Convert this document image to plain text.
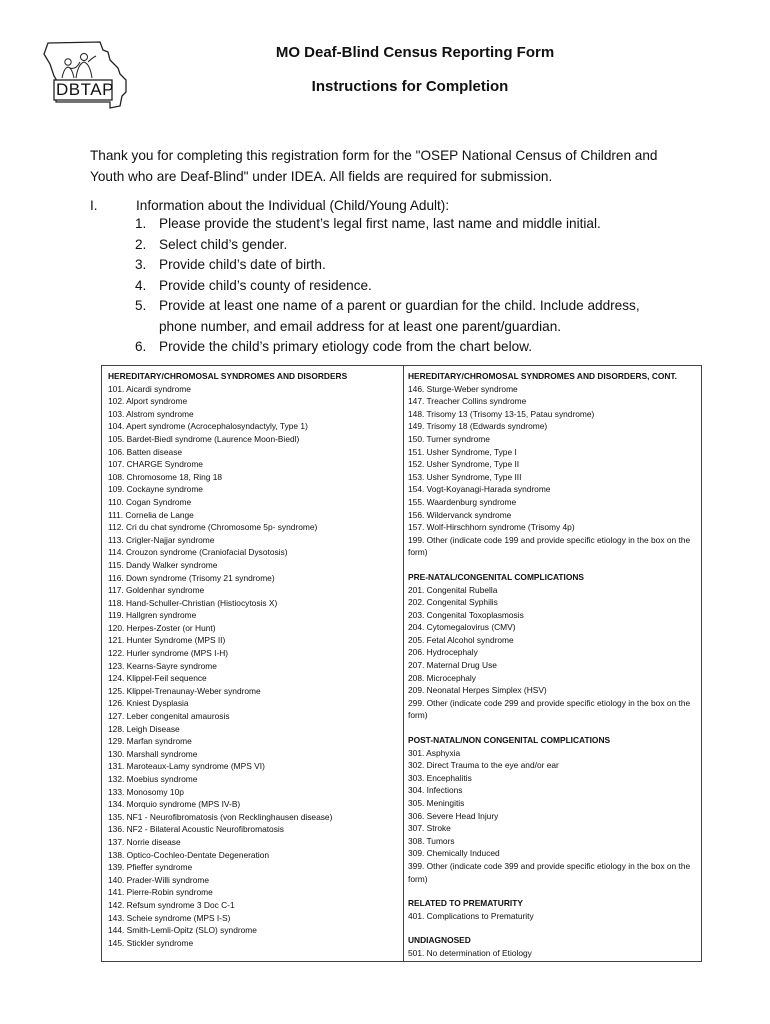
DBTAP
MO Deaf-Blind Census Reporting Form
Instructions for Completion
Thank you for completing this registration form for the "OSEP National Census of Children and Youth who are Deaf-Blind" under IDEA. All fields are required for submission.
I.	Information about the Individual (Child/Young Adult):
1. Please provide the student’s legal first name, last name and middle initial.
2. Select child’s gender.
3. Provide child’s date of birth.
4. Provide child’s county of residence.
5. Provide at least one name of a parent or guardian for the child. Include address, phone number, and email address for at least one parent/guardian.
6. Provide the child’s primary etiology code from the chart below.
HEREDITARY/CHROMOSAL SYNDROMES AND DISORDERS
101. Aicardi syndrome
102. Alport syndrome
103. Alstrom syndrome
104. Apert syndrome (Acrocephalosyndactyly, Type 1)
105. Bardet-Biedl syndrome (Laurence Moon-Biedl)
106. Batten disease
107. CHARGE Syndrome
108. Chromosome 18, Ring 18
109. Cockayne syndrome
110. Cogan Syndrome
111. Cornelia de Lange
112. Cri du chat syndrome (Chromosome 5p- syndrome)
113. Crigler-Najjar syndrome
114. Crouzon syndrome (Craniofacial Dysotosis)
115. Dandy Walker syndrome
116. Down syndrome (Trisomy 21 syndrome)
117. Goldenhar syndrome
118. Hand-Schuller-Christian (Histiocytosis X)
119. Hallgren syndrome
120. Herpes-Zoster (or Hunt)
121. Hunter Syndrome (MPS II)
122. Hurler syndrome (MPS I-H)
123. Kearns-Sayre syndrome
124. Klippel-Feil sequence
125. Klippel-Trenaunay-Weber syndrome
126. Kniest Dysplasia
127. Leber congenital amaurosis
128. Leigh Disease
129. Marfan syndrome
130. Marshall syndrome
131. Maroteaux-Lamy syndrome (MPS VI)
132. Moebius syndrome
133. Monosomy 10p
134. Morquio syndrome (MPS IV-B)
135. NF1 - Neurofibromatosis (von Recklinghausen disease)
136. NF2 - Bilateral Acoustic Neurofibromatosis
137. Norrie disease
138. Optico-Cochleo-Dentate Degeneration
139. Pfieffer syndrome
140. Prader-Willi syndrome
141. Pierre-Robin syndrome
142. Refsum syndrome 3 Doc C-1
143. Scheie syndrome (MPS I-S)
144. Smith-Lemli-Opitz (SLO) syndrome
145. Stickler syndrome
HEREDITARY/CHROMOSAL SYNDROMES AND DISORDERS, CONT.
146. Sturge-Weber syndrome
147. Treacher Collins syndrome
148. Trisomy 13 (Trisomy 13-15, Patau syndrome)
149. Trisomy 18 (Edwards syndrome)
150. Turner syndrome
151. Usher Syndrome, Type I
152. Usher Syndrome, Type II
153. Usher Syndrome, Type III
154. Vogt-Koyanagi-Harada syndrome
155. Waardenburg syndrome
156. Wildervanck syndrome
157. Wolf-Hirschhorn syndrome (Trisomy 4p)
199. Other (indicate code 199 and provide specific etiology in the box on the form)
PRE-NATAL/CONGENITAL COMPLICATIONS
201. Congenital Rubella
202. Congenital Syphilis
203. Congenital Toxoplasmosis
204. Cytomegalovirus (CMV)
205. Fetal Alcohol syndrome
206. Hydrocephaly
207. Maternal Drug Use
208. Microcephaly
209. Neonatal Herpes Simplex (HSV)
299. Other (indicate code 299 and provide specific etiology in the box on the form)
POST-NATAL/NON CONGENITAL COMPLICATIONS
301. Asphyxia
302. Direct Trauma to the eye and/or ear
303. Encephalitis
304. Infections
305. Meningitis
306. Severe Head Injury
307. Stroke
308. Tumors
309. Chemically Induced
399. Other (indicate code 399 and provide specific etiology in the box on the form)
RELATED TO PREMATURITY
401. Complications to Prematurity
UNDIAGNOSED
501. No determination of Etiology
